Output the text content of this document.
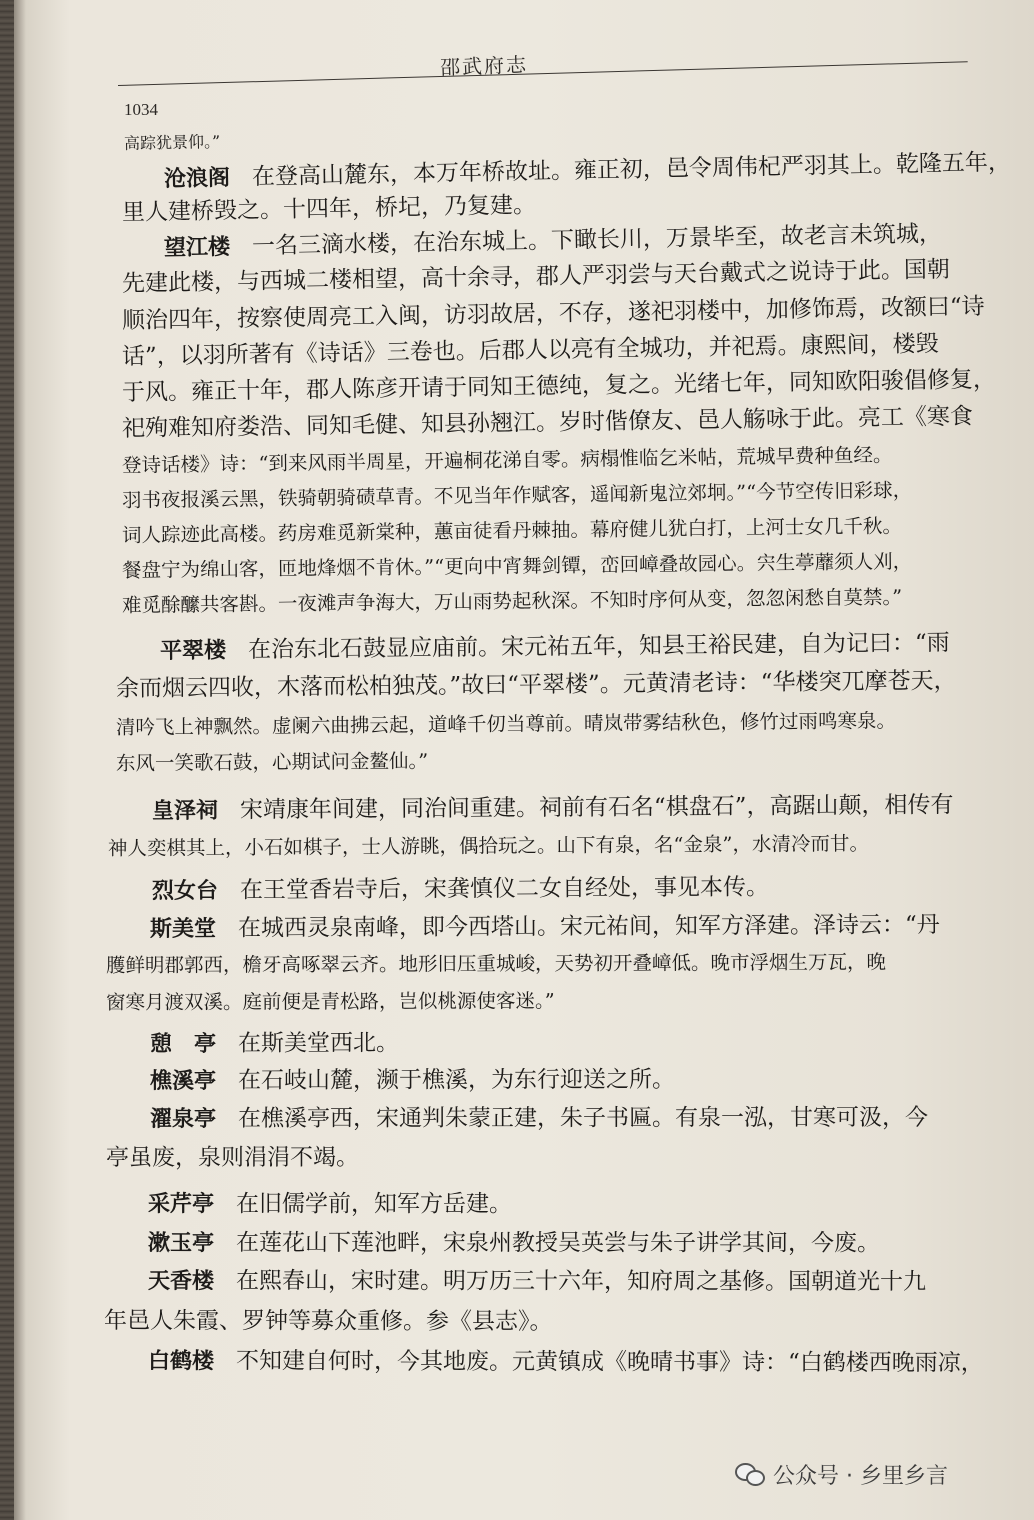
邵武府志
1034
高踪犹景仰。”
沧浪阁 在登高山麓东，本万年桥故址。雍正初，邑令周伟杞严羽其上。乾隆五年，
里人建桥毁之。十四年，桥圮，乃复建。
望江楼 一名三滴水楼，在治东城上。下瞰长川，万景毕至，故老言未筑城，
先建此楼，与西城二楼相望，高十余寻，郡人严羽尝与天台戴式之说诗于此。国朝
顺治四年，按察使周亮工入闽，访羽故居，不存，遂祀羽楼中，加修饰焉，改额曰“诗
话”，以羽所著有《诗话》三卷也。后郡人以亮有全城功，并祀焉。康熙间，楼毁
于风。雍正十年，郡人陈彦开请于同知王德纯，复之。光绪七年，同知欧阳骏倡修复，
祀殉难知府娄浩、同知毛健、知县孙翘江。岁时偕僚友、邑人觞咏于此。亮工《寒食
登诗话楼》诗：“到来风雨半周星，开遍桐花涕自零。病榻惟临乞米帖，荒城早费种鱼经。
羽书夜报溪云黑，铁骑朝骑碛草青。不见当年作赋客，遥闻新鬼泣郊坰。”“今节空传旧彩球，
词人踪迹此高楼。药房难觅新棠种，蕙亩徒看丹棘抽。幕府健儿犹白打，上河士女几千秋。
餐盘宁为绵山客，匝地烽烟不肯休。”“更向中宵舞剑镡，峦回嶂叠故园心。宍生葶蘼须人刈，
难觅酴醿共客斟。一夜滩声争海大，万山雨势起秋深。不知时序何从变，忽忽闲愁自莫禁。”
平翠楼 在治东北石鼓显应庙前。宋元祐五年，知县王裕民建，自为记曰：“雨
余而烟云四收，木落而松柏独茂。”故曰“平翠楼”。元黄清老诗：“华楼突兀摩苍天，
清吟飞上神飘然。虚阑六曲拂云起，道峰千仞当尊前。晴岚带雾结秋色，修竹过雨鸣寒泉。
东风一笑歌石鼓，心期试问金鳌仙。”
皇泽祠 宋靖康年间建，同治间重建。祠前有石名“棋盘石”，高踞山颠，相传有
神人奕棋其上，小石如棋子，士人游眺，偶拾玩之。山下有泉，名“金泉”，水清冷而甘。
烈女台 在王堂香岩寺后，宋龚慎仪二女自经处，事见本传。
斯美堂 在城西灵泉南峰，即今西塔山。宋元祐间，知军方泽建。泽诗云：“丹
臒鲜明郡郭西，檐牙高啄翠云齐。地形旧压重城峻，天势初开叠嶂低。晚市浮烟生万瓦，晚
窗寒月渡双溪。庭前便是青松路，岂似桃源使客迷。”
憩　亭 在斯美堂西北。
樵溪亭 在石岐山麓，濒于樵溪，为东行迎送之所。
濯泉亭 在樵溪亭西，宋通判朱蒙正建，朱子书匾。有泉一泓，甘寒可汲，今
亭虽废，泉则涓涓不竭。
采芹亭 在旧儒学前，知军方岳建。
漱玉亭 在莲花山下莲池畔，宋泉州教授吴英尝与朱子讲学其间，今废。
天香楼 在熙春山，宋时建。明万历三十六年，知府周之基修。国朝道光十九
年邑人朱霞、罗钟等募众重修。参《县志》。
白鹤楼 不知建自何时，今其地废。元黄镇成《晚晴书事》诗：“白鹤楼西晚雨凉，
公众号 · 乡里乡言
